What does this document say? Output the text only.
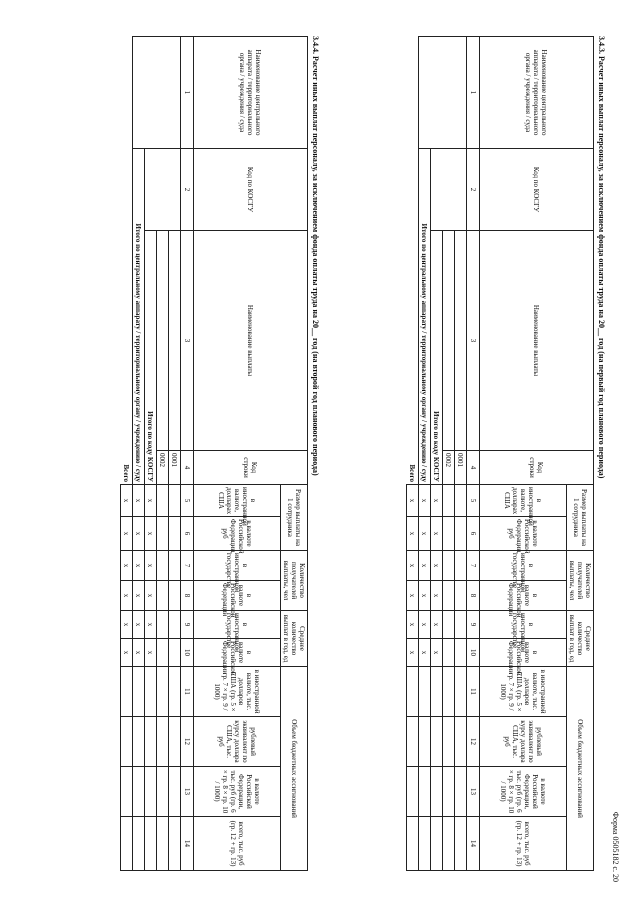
Форма 0505182 с. 20
3.4.3. Расчет иных выплат персоналу, за исключением фонда оплаты труда на 20__ год (на первый год планового периода)
Наименование центрального аппарата / территориального органа / учреждения / суда	Код по КОСГУ	Наименование выплаты	Код строки	Размер выплаты на 1 сотрудника		Количество получателей выплаты, чел		Среднее количество выплат в год, ед		Объем бюджетных ассигнований			
				в иностранной валюте, долларах США	в валюте Российской Федерации, руб	в иностранном государстве	в валюте Российской Федерации	в иностранном государстве	в валюте Российской Федерации	в иностранной валюте, тыс. долларов США (гр. 5 × гр. 7 × гр. 9 / 1000)	рублевый эквивалент по курсу доллара США, тыс. руб	в валюте Российской Федерации, тыс. руб (гр. 6 × гр. 8 × гр. 10 / 1000)	всего, тыс. руб (гр. 12 + гр. 13)
1	2	3	4	5	6	7	8	9	10	11	12	13	14
			0001										
			0002										
		Итого по коду КОСГУ		x	x	x	x	x	x				
	Итого по центральному аппарату / территориальному органу / учреждению / суду			x	x	x	x	x	x				
Всего				x	x	x	x	x	x				
3.4.4. Расчет иных выплат персоналу, за исключением фонда оплаты труда на 20__ год (на второй год планового периода)
Наименование центрального аппарата / территориального органа / учреждения / суда	Код по КОСГУ	Наименование выплаты	Код строки	Размер выплаты на 1 сотрудника		Количество получателей выплаты, чел		Среднее количество выплат в год, ед		Объем бюджетных ассигнований			
				в иностранной валюте, долларах США	в валюте Российской Федерации, руб	в иностранном государстве	в валюте Российской Федерации	в иностранном государстве	в валюте Российской Федерации	в иностранной валюте, тыс. долларов США (гр. 5 × гр. 7 × гр. 9 / 1000)	рублевый эквивалент по курсу доллара США, тыс. руб	в валюте Российской Федерации, тыс. руб (гр. 6 × гр. 8 × гр. 10 / 1000)	всего, тыс. руб (гр. 12 + гр. 13)
1	2	3	4	5	6	7	8	9	10	11	12	13	14
			0001										
			0002										
		Итого по коду КОСГУ		x	x	x	x	x	x				
	Итого по центральному аппарату / территориальному органу / учреждению / суду			x	x	x	x	x	x				
Всего				x	x	x	x	x	x				
